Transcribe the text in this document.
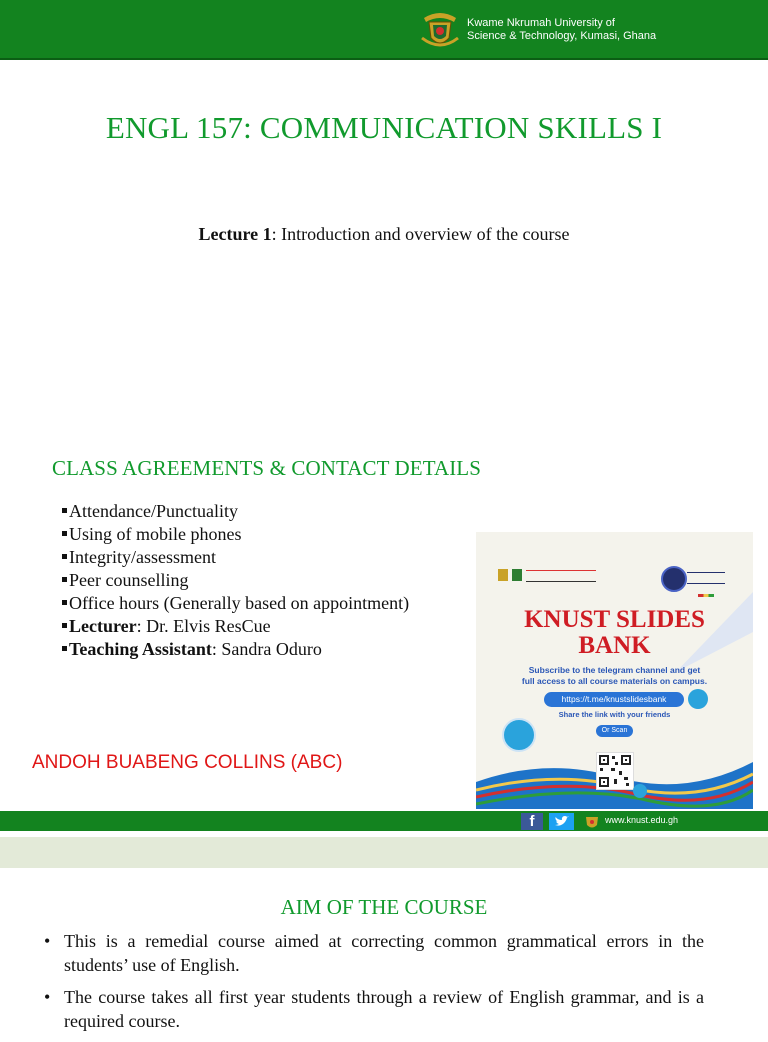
Kwame Nkrumah University of
Science & Technology, Kumasi, Ghana
ENGL 157: COMMUNICATION SKILLS I
Lecture 1: Introduction and overview of the course
CLASS AGREEMENTS & CONTACT DETAILS
Attendance/Punctuality
Using of mobile phones
Integrity/assessment
Peer counselling
Office hours (Generally based on appointment)
Lecturer: Dr. Elvis ResCue
Teaching Assistant: Sandra Oduro
ANDOH BUABENG COLLINS (ABC)
KNUST SLIDES
BANK
Subscribe to the telegram channel and get
full access to all course materials on campus.
https://t.me/knustslidesbank
Share the link with your friends
Or Scan
f	www.knust.edu.gh
AIM OF THE COURSE
• This is a remedial course aimed at correcting common grammatical errors in the students’ use of English.
• The course takes all first year students through a review of English grammar, and is a required course.
